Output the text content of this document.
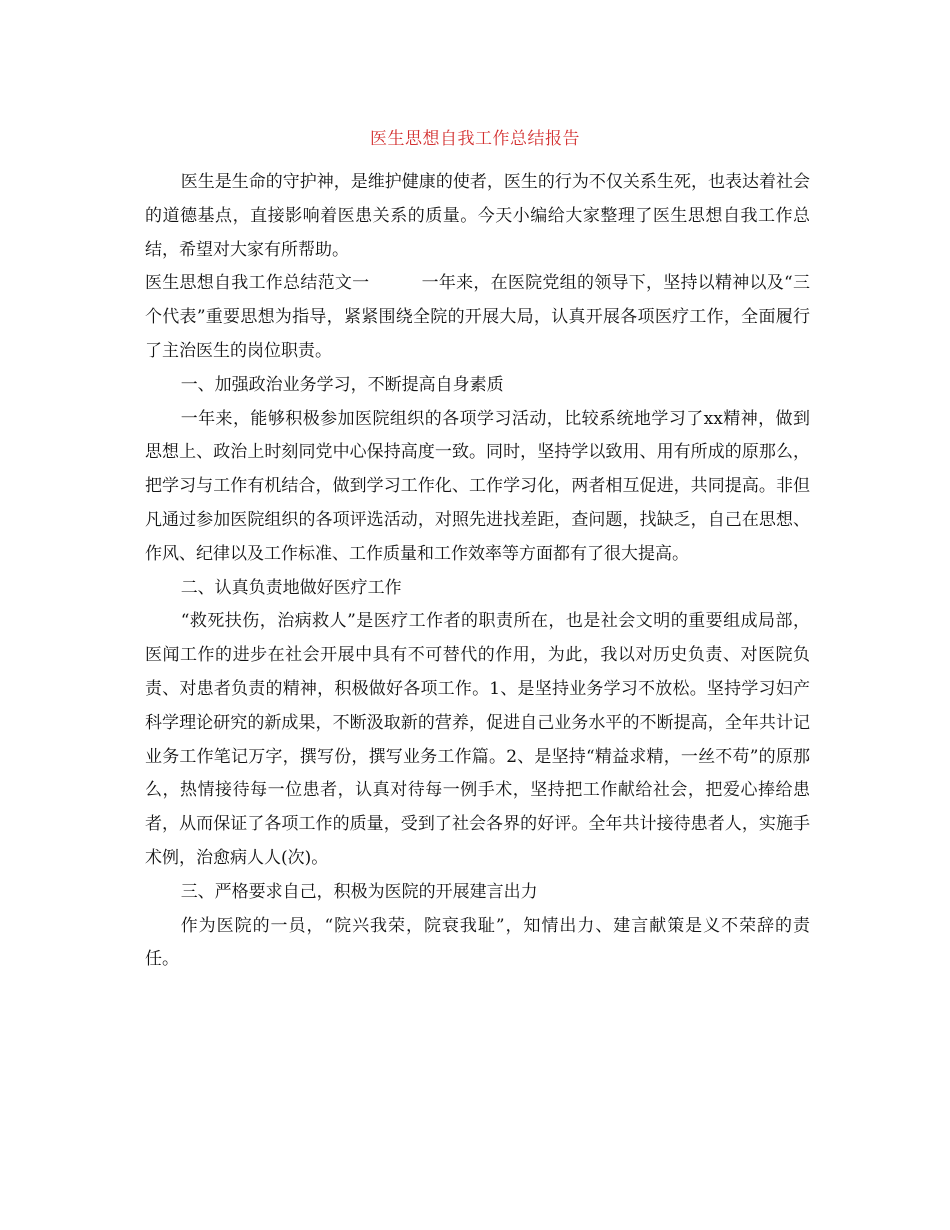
医生思想自我工作总结报告

医生是生命的守护神，是维护健康的使者，医生的行为不仅关系生死，也表达着社会的道德基点，直接影响着医患关系的质量。今天小编给大家整理了医生思想自我工作总结，希望对大家有所帮助。

医生思想自我工作总结范文一	一年来，在医院党组的领导下，坚持以精神以及“三个代表”重要思想为指导，紧紧围绕全院的开展大局，认真开展各项医疗工作，全面履行了主治医生的岗位职责。

一、加强政治业务学习，不断提高自身素质

一年来，能够积极参加医院组织的各项学习活动，比较系统地学习了xx精神，做到思想上、政治上时刻同党中心保持高度一致。同时，坚持学以致用、用有所成的原那么，把学习与工作有机结合，做到学习工作化、工作学习化，两者相互促进，共同提高。非但凡通过参加医院组织的各项评选活动，对照先进找差距，查问题，找缺乏，自己在思想、作风、纪律以及工作标准、工作质量和工作效率等方面都有了很大提高。

二、认真负责地做好医疗工作

“救死扶伤，治病救人”是医疗工作者的职责所在，也是社会文明的重要组成局部，医闻工作的进步在社会开展中具有不可替代的作用，为此，我以对历史负责、对医院负责、对患者负责的精神，积极做好各项工作。1、是坚持业务学习不放松。坚持学习妇产科学理论研究的新成果，不断汲取新的营养，促进自己业务水平的不断提高，全年共计记业务工作笔记万字，撰写份，撰写业务工作篇。2、是坚持“精益求精，一丝不苟”的原那么，热情接待每一位患者，认真对待每一例手术，坚持把工作献给社会，把爱心捧给患者，从而保证了各项工作的质量，受到了社会各界的好评。全年共计接待患者人，实施手术例，治愈病人人(次)。

三、严格要求自己，积极为医院的开展建言出力

作为医院的一员，“院兴我荣，院衰我耻”，知情出力、建言献策是义不荣辞的责任。
